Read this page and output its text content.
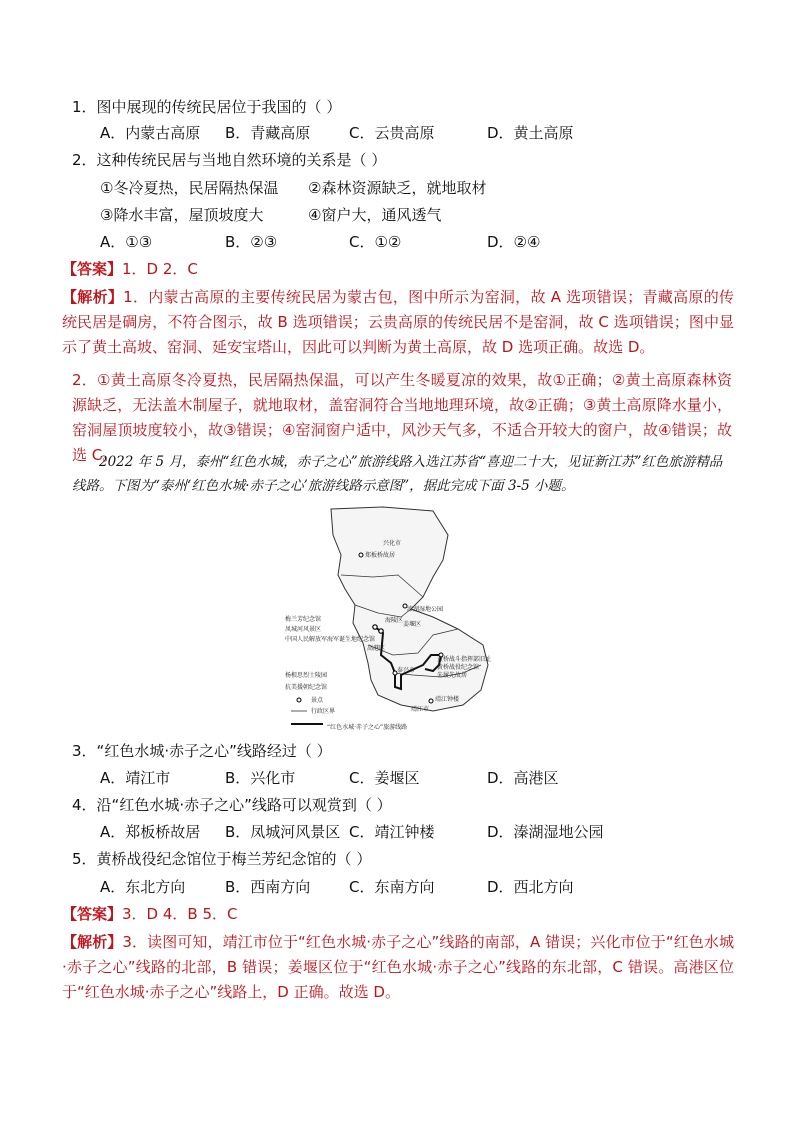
1．图中展现的传统民居位于我国的（ ）
A．内蒙古高原 B．青藏高原	C．云贵高原	D．黄土高原
2．这种传统民居与当地自然环境的关系是（ ）
①冬冷夏热，民居隔热保温 ②森林资源缺乏，就地取材
③降水丰富，屋顶坡度大	④窗户大，通风透气
A．①③	B．②③	C．①②	D．②④
【答案】1．D 2．C
【解析】1．内蒙古高原的主要传统民居为蒙古包，图中所示为窑洞，故 A 选项错误；青藏高原的传统民居是碉房，不符合图示，故 B 选项错误；云贵高原的传统民居不是窑洞，故 C 选项错误；图中显示了黄土高坡、窑洞、延安宝塔山，因此可以判断为黄土高原，故 D 选项正确。故选 D。
2．①黄土高原冬冷夏热，民居隔热保温，可以产生冬暖夏凉的效果，故①正确；②黄土高原森林资源缺乏，无法盖木制屋子，就地取材，盖窑洞符合当地地理环境，故②正确；③黄土高原降水量小，窑洞屋顶坡度较小，故③错误；④窑洞窗户适中，风沙天气多，不适合开较大的窗户，故④错误；故选 C。
2022 年 5 月，泰州“红色水城，赤子之心”旅游线路入选江苏省“喜迎二十大，见证新江苏”红色旅游精品线路。下图为“泰州‘红色水城·赤子之心’旅游线路示意图”，据此完成下面 3-5 小题。
兴化市
郑板桥故居
溱湖湿地公园
姜堰区
梅兰芳纪念馆
凤城河风景区
中国人民解放军海军诞生地纪念馆
海陵区
高港区
黄桥战斗指挥部旧址
黄桥战役纪念馆
朱履先故居
泰兴市
杨根思烈士陵园
抗美援朝纪念馆
靖江钟楼
靖江市
景点
行政区界
“红色水城·赤子之心”旅游线路
3．“红色水城·赤子之心”线路经过（ ）
A．靖江市	B．兴化市	C．姜堰区	D．高港区
4．沿“红色水城·赤子之心”线路可以观赏到（ ）
A．郑板桥故居 B．凤城河风景区 C．靖江钟楼	D．溱湖湿地公园
5．黄桥战役纪念馆位于梅兰芳纪念馆的（ ）
A．东北方向	B．西南方向	C．东南方向	D．西北方向
【答案】3．D 4．B 5．C
【解析】3．读图可知，靖江市位于“红色水城·赤子之心”线路的南部，A 错误；兴化市位于“红色水城·赤子之心”线路的北部，B 错误；姜堰区位于“红色水城·赤子之心”线路的东北部，C 错误。高港区位于“红色水城·赤子之心”线路上，D 正确。故选 D。
